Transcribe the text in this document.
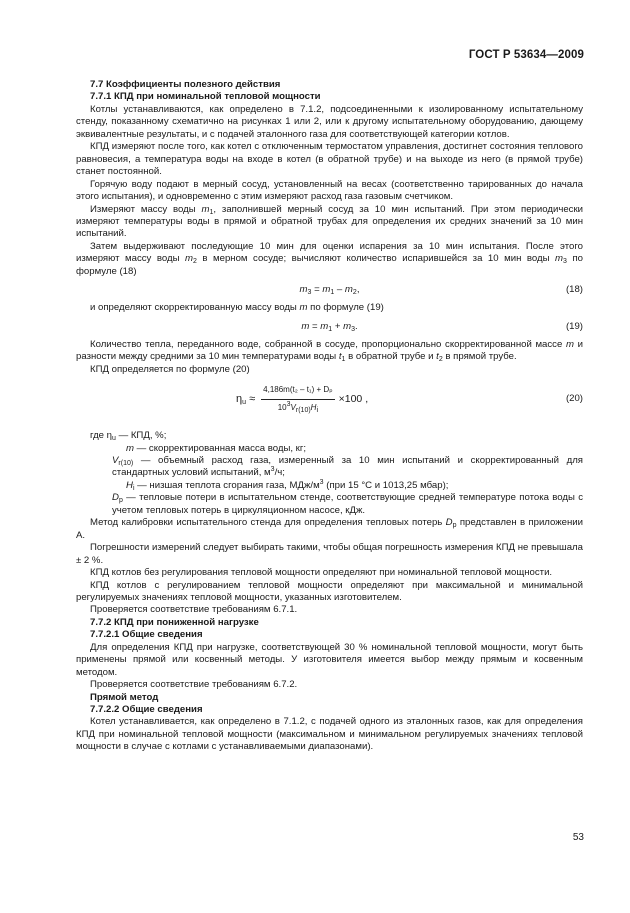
ГОСТ Р 53634—2009

7.7 Коэффициенты полезного действия

7.7.1 КПД при номинальной тепловой мощности

Котлы устанавливаются, как определено в 7.1.2, подсоединенными к изолированному испытательному стенду, показанному схематично на рисунках 1 или 2, или к другому испытательному оборудованию, дающему эквивалентные результаты, и с подачей эталонного газа для соответствующей категории котлов.

КПД измеряют после того, как котел с отключенным термостатом управления, достигнет состояния теплового равновесия, а температура воды на входе в котел (в обратной трубе) и на выходе из него (в прямой трубе) станет постоянной.

Горячую воду подают в мерный сосуд, установленный на весах (соответственно тарированных до начала этого испытания), и одновременно с этим измеряют расход газа газовым счетчиком.

Измеряют массу воды $m_1$, заполнившей мерный сосуд за 10 мин испытаний. При этом периодически измеряют температуры воды в прямой и обратной трубах для определения их средних значений за 10 мин испытаний.

Затем выдерживают последующие 10 мин для оценки испарения за 10 мин испытания. После этого измеряют массу воды $m_2$ в мерном сосуде; вычисляют количество испарившейся за 10 мин воды $m_3$ по формуле (18)

$m_3 = m_1 - m_2$,	(18)

и определяют скорректированную массу воды m по формуле (19)

$m = m_1 + m_3$.	(19)

Количество тепла, переданного воде, собранной в сосуде, пропорционально скорректированной массе m и разности между средними за 10 мин температурами воды $t_1$ в обратной трубе и $t_2$ в прямой трубе.

КПД определяется по формуле (20)

$\eta_u \approx \frac{\text{4,186m(t₂ – t₁) + Dₚ}}{10^3V_{r(10)}H_i} \times 100$ ,	(20)

где $\eta_u$ — КПД, %;

m — скорректированная масса воды, кг;

$V_{r(10)}$ — объемный расход газа, измеренный за 10 мин испытаний и скорректированный для стандартных условий испытаний, $м^3/ч$;

$H_i$ — низшая теплота сгорания газа, МДж/$м^3$ (при 15 °С и 1013,25 мбар);

$D_p$ — тепловые потери в испытательном стенде, соответствующие средней температуре потока воды с учетом тепловых потерь в циркуляционном насосе, кДж.

Метод калибровки испытательного стенда для определения тепловых потерь $D_p$ представлен в приложении А.

Погрешности измерений следует выбирать такими, чтобы общая погрешность измерения КПД не превышала ± 2 %.

КПД котлов без регулирования тепловой мощности определяют при номинальной тепловой мощности.

КПД котлов с регулированием тепловой мощности определяют при максимальной и минимальной регулируемых значениях тепловой мощности, указанных изготовителем.

Проверяется соответствие требованиям 6.7.1.

7.7.2 КПД при пониженной нагрузке

7.7.2.1 Общие сведения

Для определения КПД при нагрузке, соответствующей 30 % номинальной тепловой мощности, могут быть применены прямой или косвенный методы. У изготовителя имеется выбор между прямым и косвенным методом.

Проверяется соответствие требованиям 6.7.2.

Прямой метод

7.7.2.2 Общие сведения

Котел устанавливается, как определено в 7.1.2, с подачей одного из эталонных газов, как для определения КПД при номинальной тепловой мощности (максимальном и минимальном регулируемых значениях тепловой мощности в случае с котлами с устанавливаемыми диапазонами).

53
